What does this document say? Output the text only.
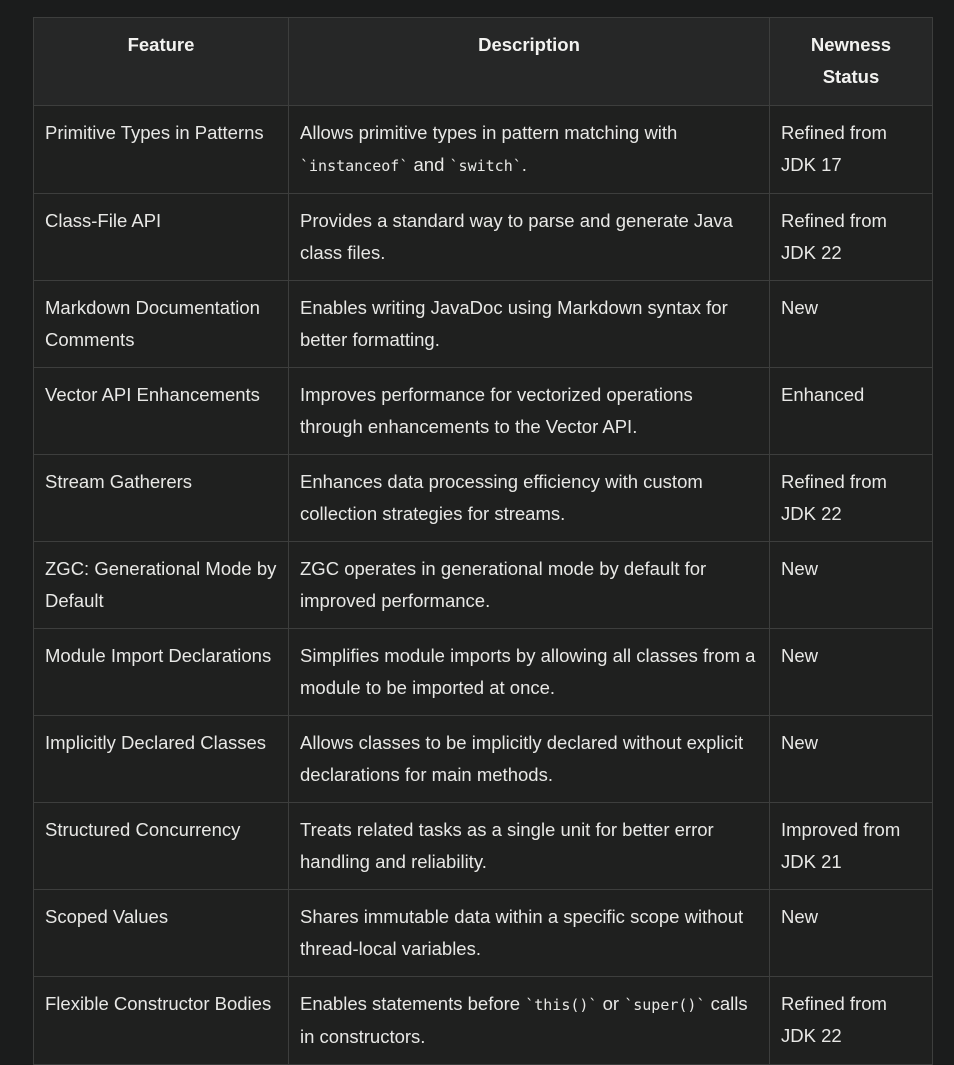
Feature	Description	Newness Status
Primitive Types in Patterns	Allows primitive types in pattern matching with `instanceof` and `switch`.	Refined from JDK 17
Class-File API	Provides a standard way to parse and generate Java class files.	Refined from JDK 22
Markdown Documentation Comments	Enables writing JavaDoc using Markdown syntax for better formatting.	New
Vector API Enhancements	Improves performance for vectorized operations through enhancements to the Vector API.	Enhanced
Stream Gatherers	Enhances data processing efficiency with custom collection strategies for streams.	Refined from JDK 22
ZGC: Generational Mode by Default	ZGC operates in generational mode by default for improved performance.	New
Module Import Declarations	Simplifies module imports by allowing all classes from a module to be imported at once.	New
Implicitly Declared Classes	Allows classes to be implicitly declared without explicit declarations for main methods.	New
Structured Concurrency	Treats related tasks as a single unit for better error handling and reliability.	Improved from JDK 21
Scoped Values	Shares immutable data within a specific scope without thread-local variables.	New
Flexible Constructor Bodies	Enables statements before `this()` or `super()` calls in constructors.	Refined from JDK 22
